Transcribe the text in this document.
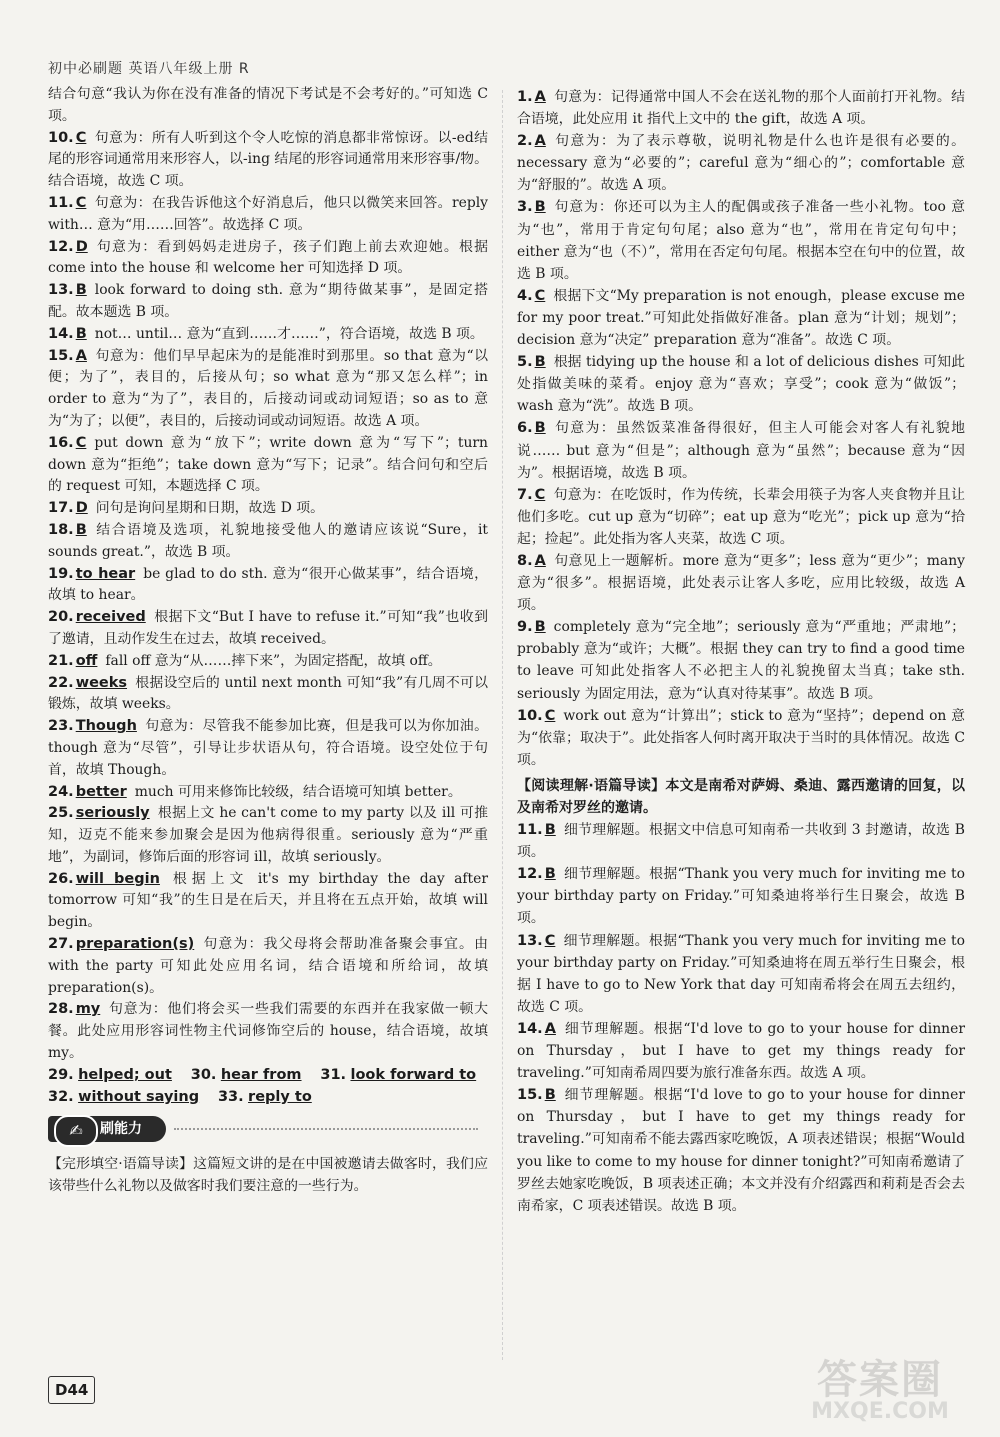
初中必刷题 英语八年级上册 R

结合句意“我认为你在没有准备的情况下考试是不会考好的。”可知选 C 项。

10. C 句意为：所有人听到这个令人吃惊的消息都非常惊讶。以-ed结尾的形容词通常用来形容人，以-ing 结尾的形容词通常用来形容事/物。结合语境，故选 C 项。

11. C 句意为：在我告诉他这个好消息后，他只以微笑来回答。reply with… 意为“用……回答”。故选择 C 项。

12. D 句意为：看到妈妈走进房子，孩子们跑上前去欢迎她。根据 come into the house 和 welcome her 可知选择 D 项。

13. B look forward to doing sth. 意为“期待做某事”，是固定搭配。故本题选 B 项。

14. B not… until… 意为“直到……才……”，符合语境，故选 B 项。

15. A 句意为：他们早早起床为的是能准时到那里。so that 意为“以便；为了”，表目的，后接从句；so what 意为“那又怎么样”；in order to 意为“为了”，表目的，后接动词或动词短语；so as to 意为“为了；以便”，表目的，后接动词或动词短语。故选 A 项。

16. C put down 意为“放下”；write down 意为“写下”；turn down 意为“拒绝”；take down 意为“写下；记录”。结合问句和空后的 request 可知，本题选择 C 项。

17. D 问句是询问星期和日期，故选 D 项。

18. B 结合语境及选项，礼貌地接受他人的邀请应该说“Sure，it sounds great.”，故选 B 项。

19. to hear be glad to do sth. 意为“很开心做某事”，结合语境，故填 to hear。

20. received 根据下文“But I have to refuse it.”可知“我”也收到了邀请，且动作发生在过去，故填 received。

21. off fall off 意为“从……摔下来”，为固定搭配，故填 off。

22. weeks 根据设空后的 until next month 可知“我”有几周不可以锻炼，故填 weeks。

23. Though 句意为：尽管我不能参加比赛，但是我可以为你加油。though 意为“尽管”，引导让步状语从句，符合语境。设空处位于句首，故填 Though。

24. better much 可用来修饰比较级，结合语境可知填 better。

25. seriously 根据上文 he can't come to my party 以及 ill 可推知，迈克不能来参加聚会是因为他病得很重。seriously 意为“严重地”，为副词，修饰后面的形容词 ill，故填 seriously。

26. will begin 根据上文 it's my birthday the day after tomorrow 可知“我”的生日是在后天，并且将在五点开始，故填 will begin。

27. preparation(s) 句意为：我父母将会帮助准备聚会事宜。由 with the party 可知此处应用名词，结合语境和所给词，故填 preparation(s)。

28. my 句意为：他们将会买一些我们需要的东西并在我家做一顿大餐。此处应用形容词性物主代词修饰空后的 house，结合语境，故填 my。

29. helped; out 30. hear from 31. look forward to
32. without saying 33. reply to
✍	刷能力

【完形填空·语篇导读】这篇短文讲的是在中国被邀请去做客时，我们应该带些什么礼物以及做客时我们要注意的一些行为。

1. A 句意为：记得通常中国人不会在送礼物的那个人面前打开礼物。结合语境，此处应用 it 指代上文中的 the gift，故选 A 项。

2. A 句意为：为了表示尊敬，说明礼物是什么也许是很有必要的。necessary 意为“必要的”；careful 意为“细心的”；comfortable 意为“舒服的”。故选 A 项。

3. B 句意为：你还可以为主人的配偶或孩子准备一些小礼物。too 意为“也”，常用于肯定句句尾；also 意为“也”，常用在肯定句句中；either 意为“也（不）”，常用在否定句句尾。根据本空在句中的位置，故选 B 项。

4. C 根据下文“My preparation is not enough，please excuse me for my poor treat.”可知此处指做好准备。plan 意为“计划；规划”；decision 意为“决定” preparation 意为“准备”。故选 C 项。

5. B 根据 tidying up the house 和 a lot of delicious dishes 可知此处指做美味的菜肴。enjoy 意为“喜欢；享受”；cook 意为“做饭”；wash 意为“洗”。故选 B 项。

6. B 句意为：虽然饭菜准备得很好，但主人可能会对客人有礼貌地说…… but 意为“但是”；although 意为“虽然”；because 意为“因为”。根据语境，故选 B 项。

7. C 句意为：在吃饭时，作为传统，长辈会用筷子为客人夹食物并且让他们多吃。cut up 意为“切碎”；eat up 意为“吃光”；pick up 意为“拾起；捡起”。此处指为客人夹菜，故选 C 项。

8. A 句意见上一题解析。more 意为“更多”；less 意为“更少”；many 意为“很多”。根据语境，此处表示让客人多吃，应用比较级，故选 A 项。

9. B completely 意为“完全地”；seriously 意为“严重地；严肃地”；probably 意为“或许；大概”。根据 they can try to find a good time to leave 可知此处指客人不必把主人的礼貌挽留太当真；take sth. seriously 为固定用法，意为“认真对待某事”。故选 B 项。

10. C work out 意为“计算出”；stick to 意为“坚持”；depend on 意为“依靠；取决于”。此处指客人何时离开取决于当时的具体情况。故选 C 项。

【阅读理解·语篇导读】本文是南希对萨姆、桑迪、露西邀请的回复，以及南希对罗丝的邀请。

11. B 细节理解题。根据文中信息可知南希一共收到 3 封邀请，故选 B 项。

12. B 细节理解题。根据“Thank you very much for inviting me to your birthday party on Friday.”可知桑迪将举行生日聚会，故选 B 项。

13. C 细节理解题。根据“Thank you very much for inviting me to your birthday party on Friday.”可知桑迪将在周五举行生日聚会，根据 I have to go to New York that day 可知南希将会在周五去纽约，故选 C 项。

14. A 细节理解题。根据“I'd love to go to your house for dinner on Thursday，but I have to get my things ready for traveling.”可知南希周四要为旅行准备东西。故选 A 项。

15. B 细节理解题。根据“I'd love to go to your house for dinner on Thursday，but I have to get my things ready for traveling.”可知南希不能去露西家吃晚饭，A 项表述错误；根据“Would you like to come to my house for dinner tonight?”可知南希邀请了罗丝去她家吃晚饭，B 项表述正确；本文并没有介绍露西和莉莉是否会去南希家，C 项表述错误。故选 B 项。

D44	答案圈
MXQE.COM
